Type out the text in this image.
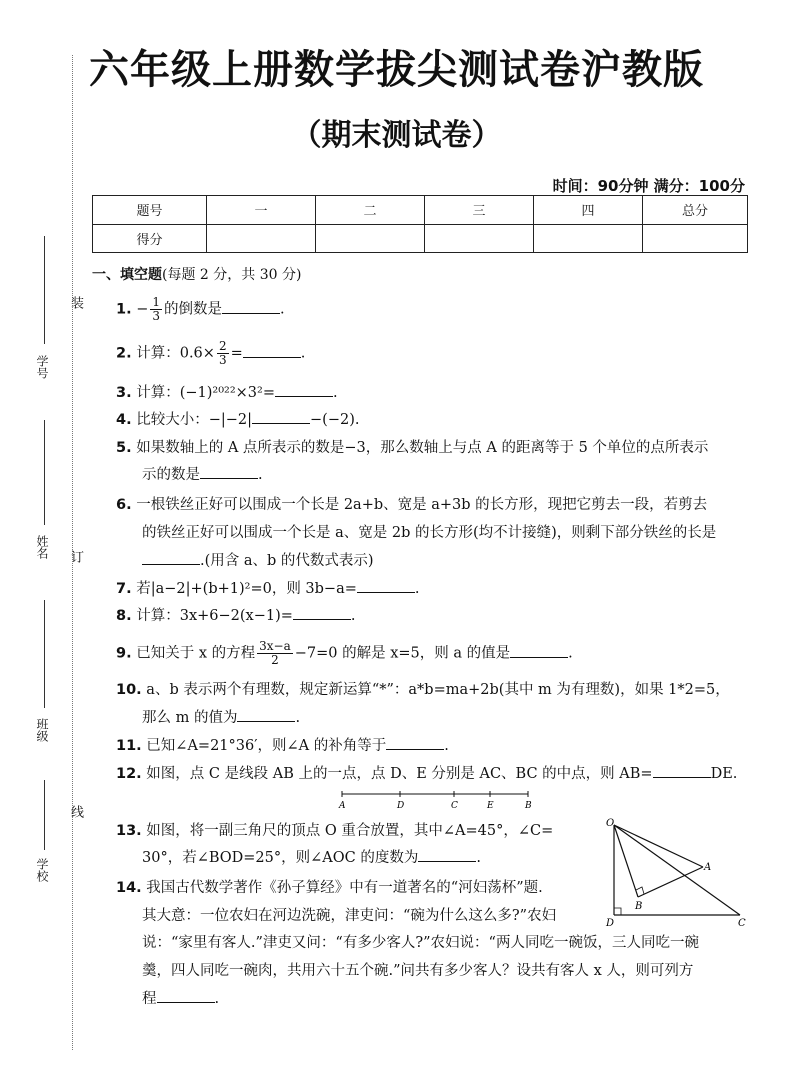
六年级上册数学拔尖测试卷沪教版
（期末测试卷）
时间：90分钟 满分：100分
题号	一	二	三	四	总分
得分					
学号
姓名
班级
学校
装
订
线
一、填空题(每题 2 分，共 30 分)
1. − $\frac{1}{3}$ 的倒数是	.
2. 计算：$0.6\times \frac{2}{3}$ =	.
3. 计算：(−1)²⁰²²×3²=	.
4. 比较大小：−|−2|	−(−2).
5. 如果数轴上的 A 点所表示的数是−3，那么数轴上与点 A 的距离等于 5 个单位的点所表示
示的数是	.
6. 一根铁丝正好可以围成一个长是 2a+b、宽是 a+3b 的长方形，现把它剪去一段，若剪去
的铁丝正好可以围成一个长是 a、宽是 2b 的长方形(均不计接缝)，则剩下部分铁丝的长是
.(用含 a、b 的代数式表示)
7. 若|a−2|+(b+1)²=0，则 3b−a=	.
8. 计算：3x+6−2(x−1)=	.
9. 已知关于 x 的方程 $\frac{3x-a}{2} -7=0$ 的解是 x=5，则 a 的值是	.
10. a、b 表示两个有理数，规定新运算“*”：a*b=ma+2b(其中 m 为有理数)，如果 1*2=5，
那么 m 的值为	.
11. 已知∠A=21°36′，则∠A 的补角等于	.
12. 如图，点 C 是线段 AB 上的一点，点 D、E 分别是 AC、BC 的中点，则 AB=	DE.
A	D	C	E	B
13. 如图，将一副三角尺的顶点 O 重合放置，其中∠A=45°，∠C=
30°，若∠BOD=25°，则∠AOC 的度数为	.
O
A
B
D	C
14. 我国古代数学著作《孙子算经》中有一道著名的“河妇荡杯”题.
其大意：一位农妇在河边洗碗，津吏问：“碗为什么这么多?”农妇
说：“家里有客人.”津吏又问：“有多少客人?”农妇说：“两人同吃一碗饭，三人同吃一碗
羹，四人同吃一碗肉，共用六十五个碗.”问共有多少客人？设共有客人 x 人，则可列方
程	.
